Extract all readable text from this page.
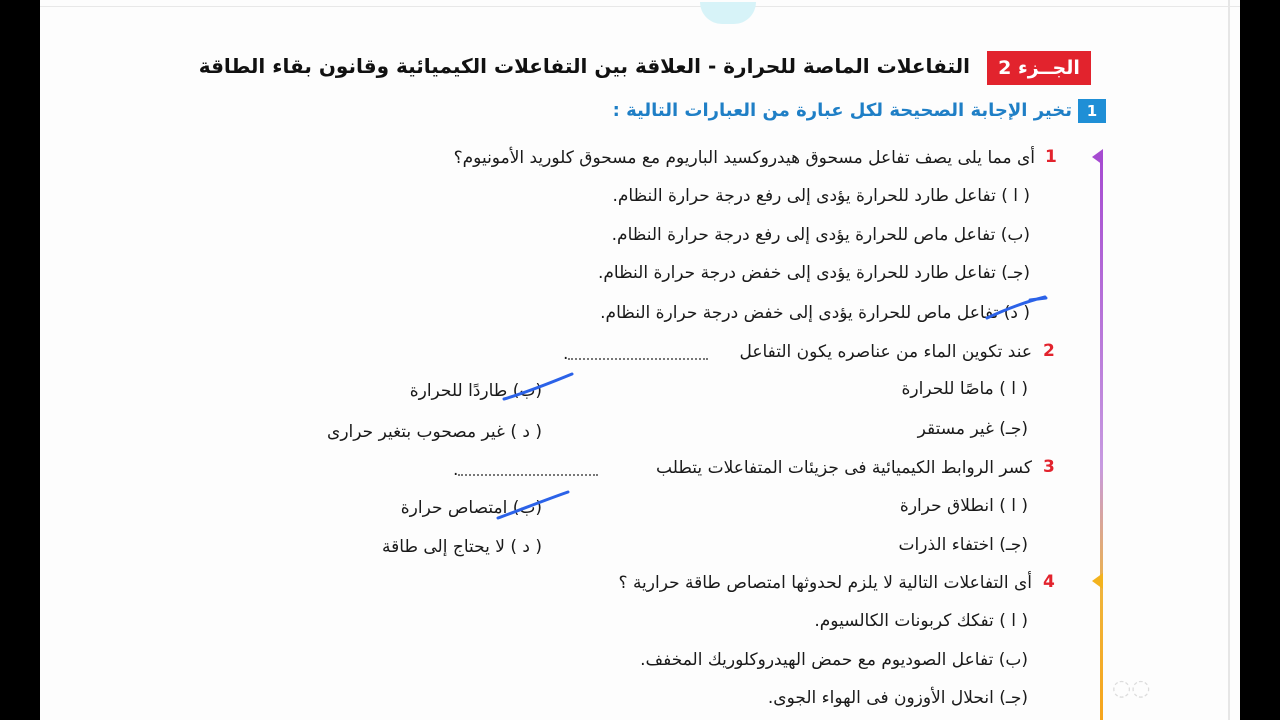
الجــزء 2
التفاعلات الماصة للحرارة - العلاقة بين التفاعلات الكيميائية وقانون بقاء الطاقة
1
تخير الإجابة الصحيحة لكل عبارة من العبارات التالية :
1
أى مما يلى يصف تفاعل مسحوق هيدروكسيد الباريوم مع مسحوق كلوريد الأمونيوم؟
( ا ) تفاعل طارد للحرارة يؤدى إلى رفع درجة حرارة النظام.
(ب) تفاعل ماص للحرارة يؤدى إلى رفع درجة حرارة النظام.
(جـ) تفاعل طارد للحرارة يؤدى إلى خفض درجة حرارة النظام.
( د) تفاعل ماص للحرارة يؤدى إلى خفض درجة حرارة النظام.
2
عند تكوين الماء من عناصره يكون التفاعل
.
( ا ) ماصًا للحرارة
(ب) طاردًا للحرارة
(جـ) غير مستقر
( د ) غير مصحوب بتغير حرارى
3
كسر الروابط الكيميائية فى جزيئات المتفاعلات يتطلب
.
( ا ) انطلاق حرارة
(ب) امتصاص حرارة
(جـ) اختفاء الذرات
( د ) لا يحتاج إلى طاقة
4
أى التفاعلات التالية لا يلزم لحدوثها امتصاص طاقة حرارية ؟
( ا ) تفكك كربونات الكالسيوم.
(ب) تفاعل الصوديوم مع حمض الهيدروكلوريك المخفف.
(جـ) انحلال الأوزون فى الهواء الجوى.	◌◌
